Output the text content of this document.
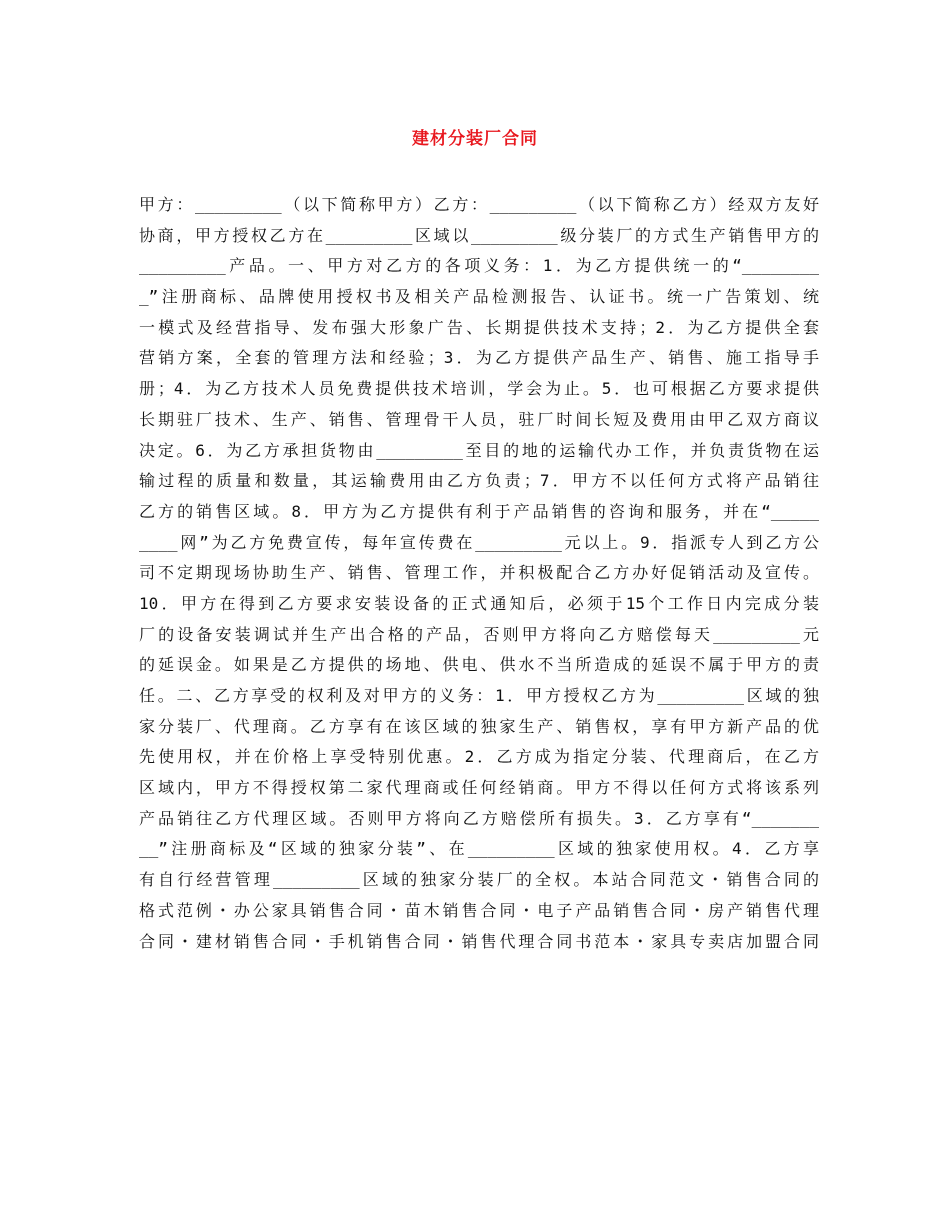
建材分装厂合同
甲方：_________（以下简称甲方）乙方：_________（以下简称乙方）经双方友好
协商，甲方授权乙方在_________区域以_________级分装厂的方式生产销售甲方的
_________产品。一、甲方对乙方的各项义务：1．为乙方提供统一的“________
_”注册商标、品牌使用授权书及相关产品检测报告、认证书。统一广告策划、统
一模式及经营指导、发布强大形象广告、长期提供技术支持；2．为乙方提供全套
营销方案，全套的管理方法和经验；3．为乙方提供产品生产、销售、施工指导手
册；4．为乙方技术人员免费提供技术培训，学会为止。5．也可根据乙方要求提供
长期驻厂技术、生产、销售、管理骨干人员，驻厂时间长短及费用由甲乙双方商议
决定。6．为乙方承担货物由_________至目的地的运输代办工作，并负责货物在运
输过程的质量和数量，其运输费用由乙方负责；7．甲方不以任何方式将产品销往
乙方的销售区域。8．甲方为乙方提供有利于产品销售的咨询和服务，并在“_____
____网”为乙方免费宣传，每年宣传费在_________元以上。9．指派专人到乙方公
司不定期现场协助生产、销售、管理工作，并积极配合乙方办好促销活动及宣传。
10．甲方在得到乙方要求安装设备的正式通知后，必须于15个工作日内完成分装
厂的设备安装调试并生产出合格的产品，否则甲方将向乙方赔偿每天_________元
的延误金。如果是乙方提供的场地、供电、供水不当所造成的延误不属于甲方的责
任。二、乙方享受的权利及对甲方的义务：1．甲方授权乙方为_________区域的独
家分装厂、代理商。乙方享有在该区域的独家生产、销售权，享有甲方新产品的优
先使用权，并在价格上享受特别优惠。2．乙方成为指定分装、代理商后，在乙方
区域内，甲方不得授权第二家代理商或任何经销商。甲方不得以任何方式将该系列
产品销往乙方代理区域。否则甲方将向乙方赔偿所有损失。3．乙方享有“_______
__”注册商标及“区域的独家分装”、在_________区域的独家使用权。4．乙方享
有自行经营管理_________区域的独家分装厂的全权。本站合同范文・销售合同的
格式范例・办公家具销售合同・苗木销售合同・电子产品销售合同・房产销售代理
合同・建材销售合同・手机销售合同・销售代理合同书范本・家具专卖店加盟合同
